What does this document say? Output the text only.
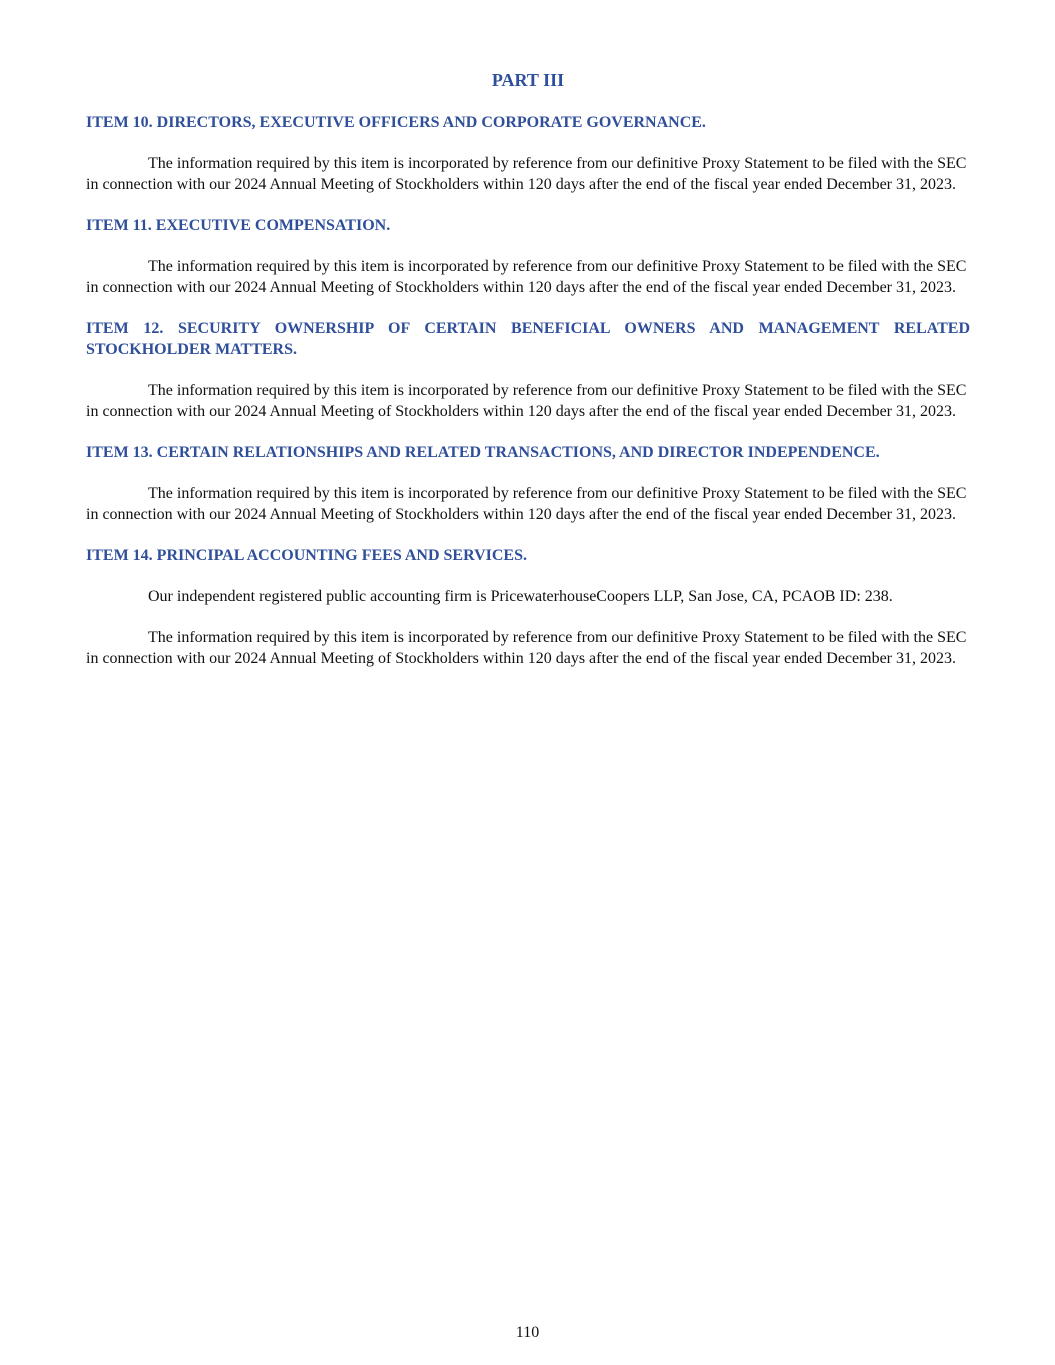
PART III
ITEM 10. DIRECTORS, EXECUTIVE OFFICERS AND CORPORATE GOVERNANCE.

The information required by this item is incorporated by reference from our definitive Proxy Statement to be filed with the SEC in connection with our 2024 Annual Meeting of Stockholders within 120 days after the end of the fiscal year ended December 31, 2023.

ITEM 11. EXECUTIVE COMPENSATION.

The information required by this item is incorporated by reference from our definitive Proxy Statement to be filed with the SEC in connection with our 2024 Annual Meeting of Stockholders within 120 days after the end of the fiscal year ended December 31, 2023.

ITEM 12. SECURITY OWNERSHIP OF CERTAIN BENEFICIAL OWNERS AND MANAGEMENT RELATED STOCKHOLDER MATTERS.

The information required by this item is incorporated by reference from our definitive Proxy Statement to be filed with the SEC in connection with our 2024 Annual Meeting of Stockholders within 120 days after the end of the fiscal year ended December 31, 2023.

ITEM 13. CERTAIN RELATIONSHIPS AND RELATED TRANSACTIONS, AND DIRECTOR INDEPENDENCE.

The information required by this item is incorporated by reference from our definitive Proxy Statement to be filed with the SEC in connection with our 2024 Annual Meeting of Stockholders within 120 days after the end of the fiscal year ended December 31, 2023.

ITEM 14. PRINCIPAL ACCOUNTING FEES AND SERVICES.

Our independent registered public accounting firm is PricewaterhouseCoopers LLP, San Jose, CA, PCAOB ID: 238.

The information required by this item is incorporated by reference from our definitive Proxy Statement to be filed with the SEC in connection with our 2024 Annual Meeting of Stockholders within 120 days after the end of the fiscal year ended December 31, 2023.

110
